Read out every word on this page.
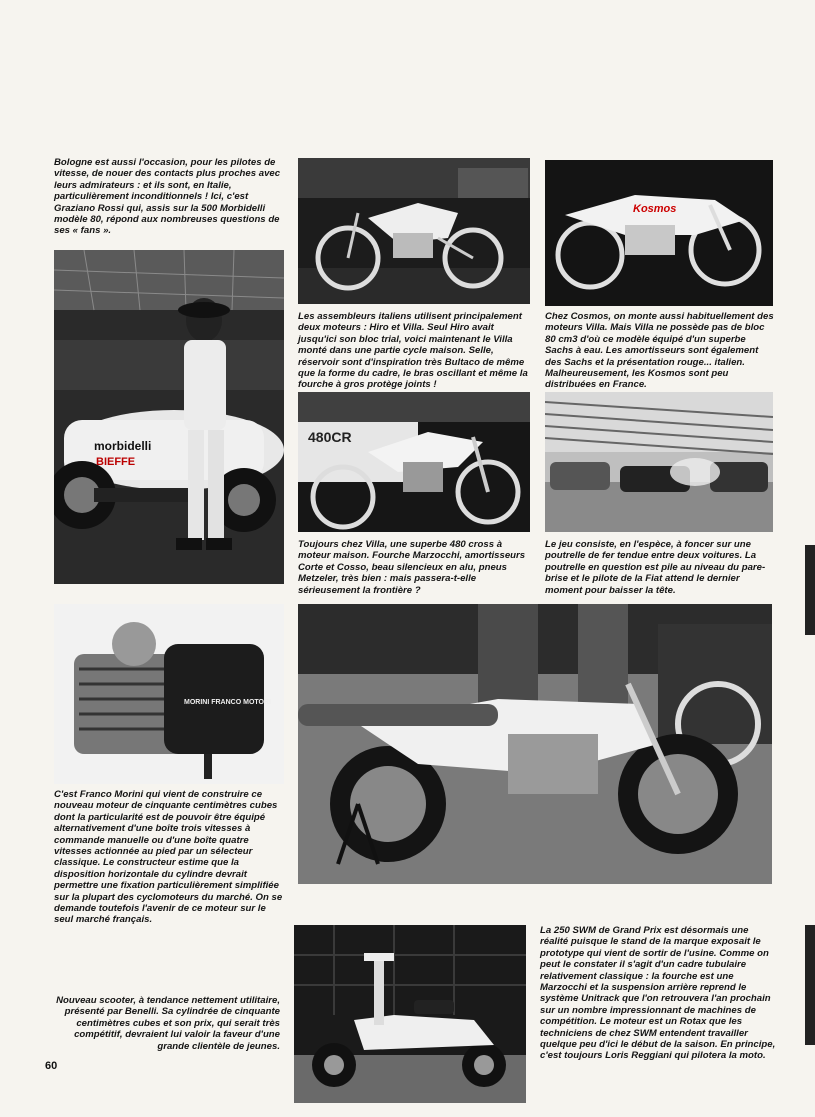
Bologne est aussi l'occasion, pour les pilotes de vitesse, de nouer des contacts plus proches avec leurs admirateurs : et ils sont, en Italie, particulièrement inconditionnels ! Ici, c'est Graziano Rossi qui, assis sur la 500 Morbidelli modèle 80, répond aux nombreuses questions de ses « fans ».

morbidelli
BIEFFE
Kosmos

Les assembleurs italiens utilisent principalement deux moteurs : Hiro et Villa. Seul Hiro avait jusqu'ici son bloc trial, voici maintenant le Villa monté dans une partie cycle maison. Selle, réservoir sont d'inspiration très Bultaco de même que la forme du cadre, le bras oscillant et même la fourche à gros protège joints !

Chez Cosmos, on monte aussi habituellement des moteurs Villa. Mais Villa ne possède pas de bloc 80 cm3 d'où ce modèle équipé d'un superbe Sachs à eau. Les amortisseurs sont également des Sachs et la présentation rouge... italien. Malheureusement, les Kosmos sont peu distribuées en France.

480CR

Toujours chez Villa, une superbe 480 cross à moteur maison. Fourche Marzocchi, amortisseurs Corte et Cosso, beau silencieux en alu, pneus Metzeler, très bien : mais passera-t-elle sérieusement la frontière ?

Le jeu consiste, en l'espèce, à foncer sur une poutrelle de fer tendue entre deux voitures. La poutrelle en question est pile au niveau du pare-brise et le pilote de la Fiat attend le dernier moment pour baisser la tête.

MORINI FRANCO MOTORI

C'est Franco Morini qui vient de construire ce nouveau moteur de cinquante centimètres cubes dont la particularité est de pouvoir être équipé alternativement d'une boîte trois vitesses à commande manuelle ou d'une boîte quatre vitesses actionnée au pied par un sélecteur classique. Le constructeur estime que la disposition horizontale du cylindre devrait permettre une fixation particulièrement simplifiée sur la plupart des cyclomoteurs du marché. On se demande toutefois l'avenir de ce moteur sur le seul marché français.

La 250 SWM de Grand Prix est désormais une réalité puisque le stand de la marque exposait le prototype qui vient de sortir de l'usine. Comme on peut le constater il s'agit d'un cadre tubulaire relativement classique : la fourche est une Marzocchi et la suspension arrière reprend le système Unitrack que l'on retrouvera l'an prochain sur un nombre impressionnant de machines de compétition. Le moteur est un Rotax que les techniciens de chez SWM entendent travailler quelque peu d'ici le début de la saison. En principe, c'est toujours Loris Reggiani qui pilotera la moto.

Nouveau scooter, à tendance nettement utilitaire, présenté par Benelli. Sa cylindrée de cinquante centimètres cubes et son prix, qui serait très compétitif, devraient lui valoir la faveur d'une grande clientèle de jeunes.

60
